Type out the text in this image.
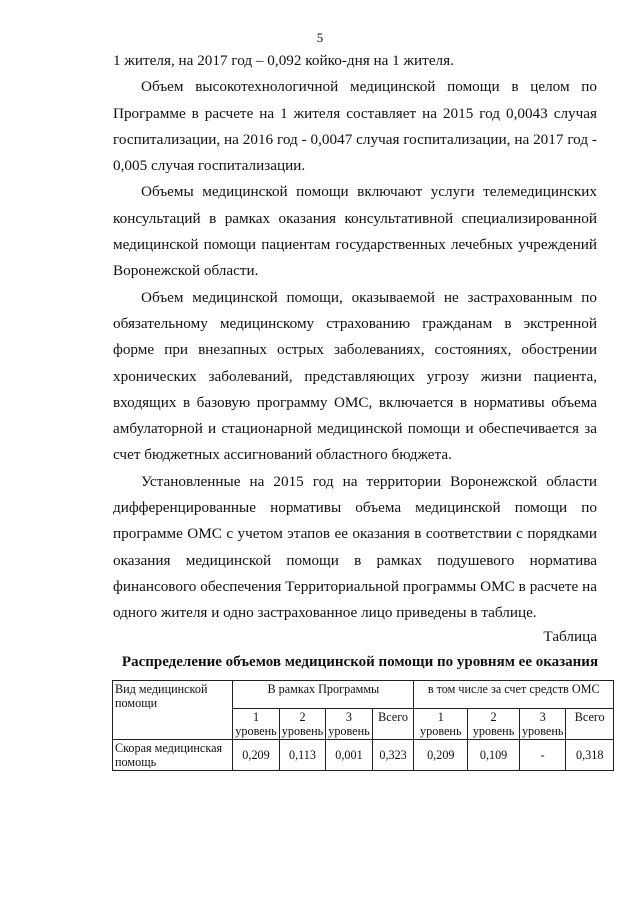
5

1 жителя, на 2017 год – 0,092 койко-дня на 1 жителя.

Объем высокотехнологичной медицинской помощи в целом по Программе в расчете на 1 жителя составляет на 2015 год 0,0043 случая госпитализации, на 2016 год - 0,0047 случая госпитализации, на 2017 год - 0,005 случая госпитализации.

Объемы медицинской помощи включают услуги телемедицинских консультаций в рамках оказания консультативной специализированной медицинской помощи пациентам государственных лечебных учреждений Воронежской области.

Объем медицинской помощи, оказываемой не застрахованным по обязательному медицинскому страхованию гражданам в экстренной форме при внезапных острых заболеваниях, состояниях, обострении хронических заболеваний, представляющих угрозу жизни пациента, входящих в базовую программу ОМС, включается в нормативы объема амбулаторной и стационарной медицинской помощи и обеспечивается за счет бюджетных ассигнований областного бюджета.

Установленные на 2015 год на территории Воронежской области дифференцированные нормативы объема медицинской помощи по программе ОМС с учетом этапов ее оказания в соответствии с порядками оказания медицинской помощи в рамках подушевого норматива финансового обеспечения Территориальной программы ОМС в расчете на одного жителя и одно застрахованное лицо приведены в таблице.

Таблица
Распределение объемов медицинской помощи по уровням ее оказания
Вид медицинской помощи	В рамках Программы				в том числе за счет средств ОМС			
	1 уровень	2 уровень	3 уровень	Всего	1 уровень	2 уровень	3 уровень	Всего
Скорая медицинская помощь	0,209	0,113	0,001	0,323	0,209	0,109	-	0,318
